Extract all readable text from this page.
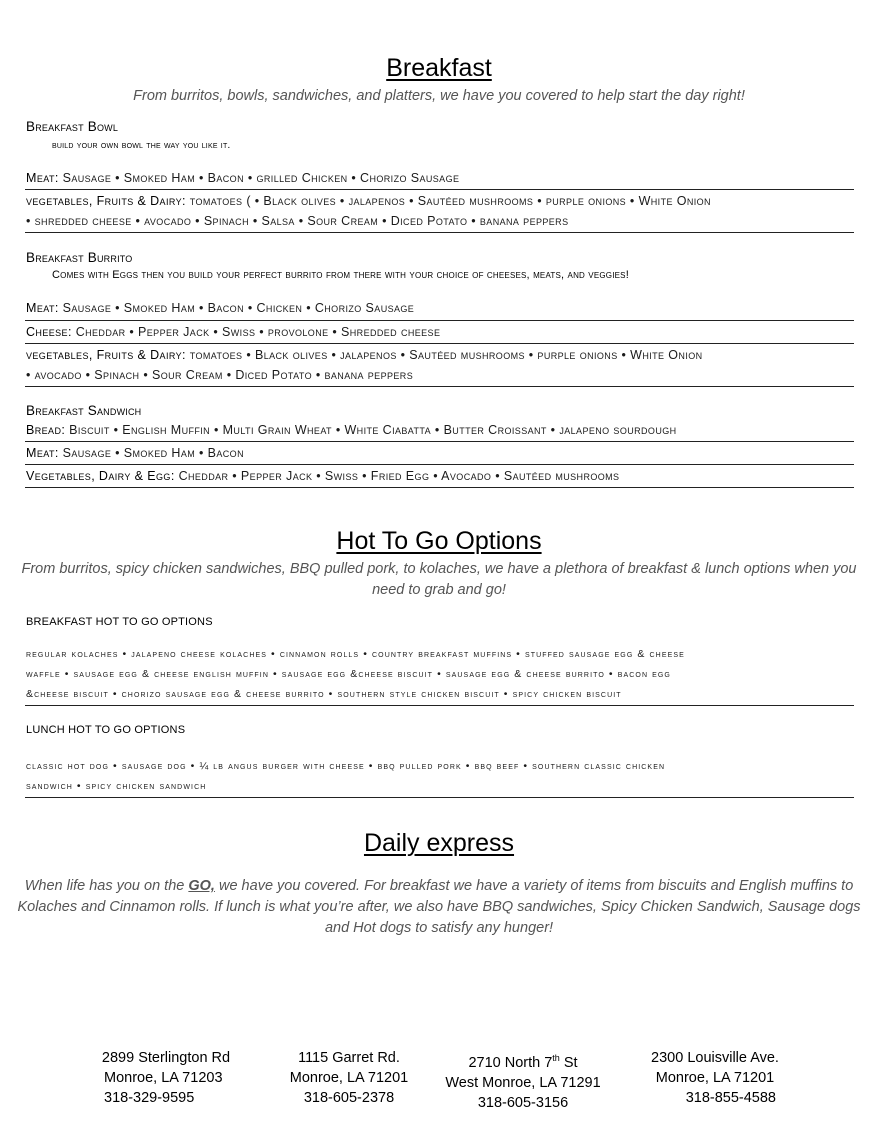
Breakfast
From burritos, bowls, sandwiches, and platters, we have you covered to help start the day right!
Breakfast Bowl
build your own bowl the way you like it.
Meat: Sausage • Smoked Ham • Bacon • grilled Chicken • Chorizo Sausage
vegetables, Fruits & Dairy: tomatoes ( • Black olives • jalapenos • Sautéed mushrooms • purple onions • White Onion
• shredded cheese • avocado • Spinach • Salsa • Sour Cream • Diced Potato • banana peppers
Breakfast Burrito
Comes with Eggs then you build your perfect burrito from there with your choice of cheeses, meats, and veggies!
Meat: Sausage • Smoked Ham • Bacon • Chicken • Chorizo Sausage
Cheese: Cheddar • Pepper Jack • Swiss • provolone • Shredded cheese
vegetables, Fruits & Dairy: tomatoes • Black olives • jalapenos • Sautéed mushrooms • purple onions • White Onion
• avocado • Spinach • Sour Cream • Diced Potato • banana peppers
Breakfast Sandwich
Bread: Biscuit • English Muffin • Multi Grain Wheat • White Ciabatta • Butter Croissant • jalapeno sourdough
Meat: Sausage • Smoked Ham • Bacon
Vegetables, Dairy & Egg: Cheddar • Pepper Jack • Swiss • Fried Egg • Avocado • Sautéed mushrooms
Hot To Go Options
From burritos, spicy chicken sandwiches, BBQ pulled pork, to kolaches, we have a plethora of breakfast & lunch options when you
need to grab and go!
BREAKFAST HOT TO GO OPTIONS
regular kolaches • jalapeno cheese kolaches • cinnamon rolls • country breakfast muffins • stuffed sausage egg & cheese
waffle • sausage egg & cheese english muffin • sausage egg &cheese biscuit • sausage egg & cheese burrito • bacon egg
&cheese biscuit • chorizo sausage egg & cheese burrito • southern style chicken biscuit • spicy chicken biscuit
LUNCH HOT TO GO OPTIONS
classic hot dog • sausage dog • ¼ lb angus burger with cheese • bbq pulled pork • bbq beef • southern classic chicken
sandwich • spicy chicken sandwich
Daily express
When life has you on the GO, we have you covered. For breakfast we have a variety of items from biscuits and English muffins to
Kolaches and Cinnamon rolls. If lunch is what you’re after, we also have BBQ sandwiches, Spicy Chicken Sandwich, Sausage dogs
and Hot dogs to satisfy any hunger!
2899 Sterlington Rd
Monroe, LA 71203
318-329-9595
1115 Garret Rd.
Monroe, LA 71201
318-605-2378
2710 North 7th St
West Monroe, LA 71291
318-605-3156
2300 Louisville Ave.
Monroe, LA 71201
318-855-4588
